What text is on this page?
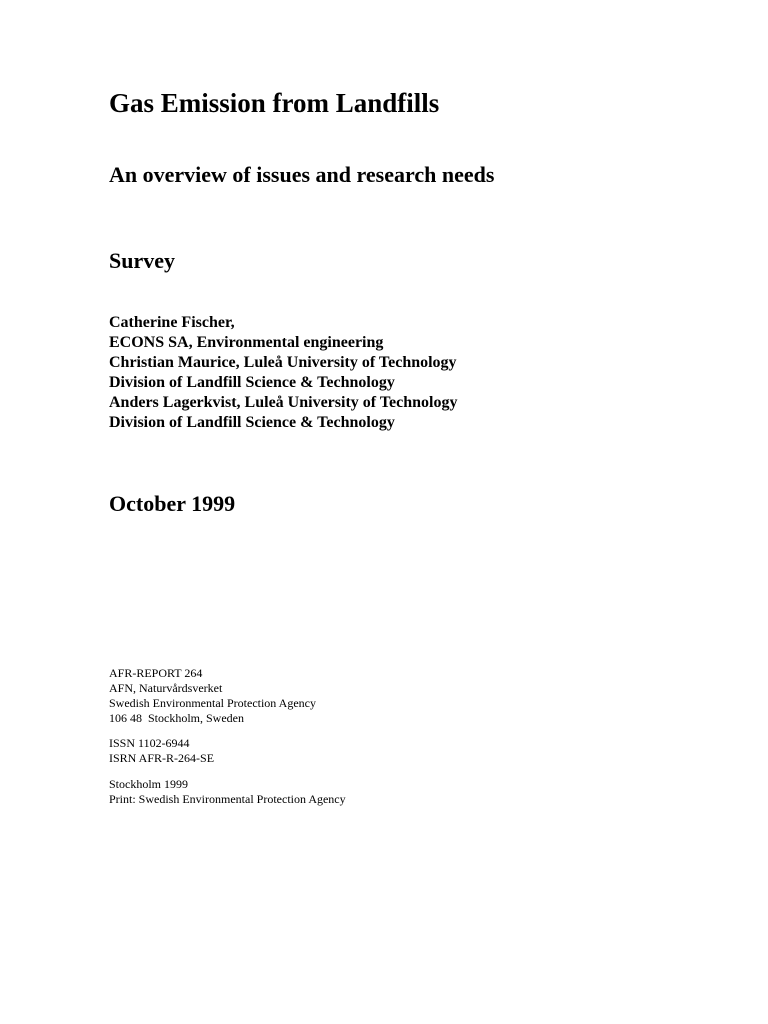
Gas Emission from Landfills
An overview of issues and research needs
Survey
Catherine Fischer,
ECONS SA, Environmental engineering
Christian Maurice, Luleå University of Technology
Division of Landfill Science & Technology
Anders Lagerkvist, Luleå University of Technology
Division of Landfill Science & Technology
October 1999
AFR-REPORT 264
AFN, Naturvårdsverket
Swedish Environmental Protection Agency
106 48  Stockholm, Sweden
ISSN 1102-6944
ISRN AFR-R-264-SE
Stockholm 1999
Print: Swedish Environmental Protection Agency
